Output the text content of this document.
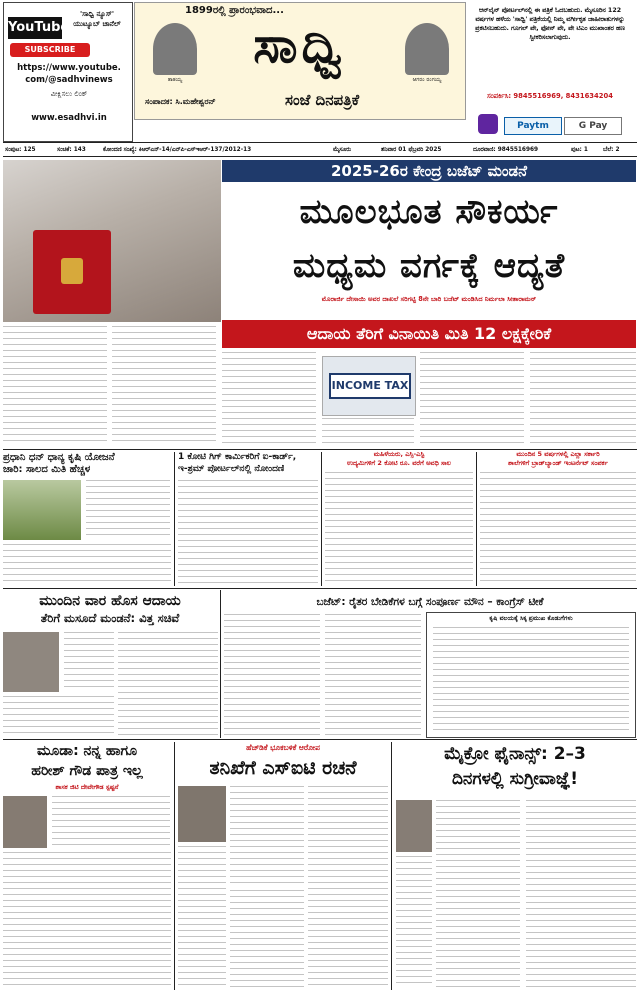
YouTube
'ಸಾಧ್ವಿ ನ್ಯೂಸ್' ಯುಟ್ಯೂಬ್ ಚಾನೆಲ್
SUBSCRIBE
https://www.youtube.
com/@sadhvinews
ವೀಕ್ಷಿಸಲು ಲಿಂಕ್
www.esadhvi.in
1899ರಲ್ಲಿ ಪ್ರಾರಂಭವಾದ...
ತಾತಯ್ಯ	ಆಗರಂ ರಂಗಯ್ಯ
ಸಾಧ್ವಿ
ಸಂಪಾದಕ: ಸಿ.ಮಹೇಶ್ವರನ್	ಸಂಜೆ ದಿನಪತ್ರಿಕೆ
ಆನ್‌ಲೈನ್ ಪೋರ್ಟಲ್‌ನಲ್ಲಿ ಈ ಪತ್ರಿಕೆ ಓದಬಹುದು. ಮೈಸೂರಿನ 122 ವರ್ಷಗಳ ಹಳೆಯ 'ಸಾಧ್ವಿ' ಪತ್ರಿಕೆಯಲ್ಲಿ ನಿಮ್ಮ ವರ್ಗೀಕೃತ ಜಾಹೀರಾತುಗಳನ್ನು ಪ್ರಕಟಿಸಬಹುದು. ಗೂಗಲ್ ಪೇ, ಫೋನ್ ಪೇ, ಪೇ ಟಿಎಂ ಮುಖಾಂತರ ಹಣ ಸ್ವೀಕರಿಸಲಾಗುವುದು.
ಸಂಪರ್ಕಿಸಿ: 9845516969, 8431634204
Paytm	G Pay
ಸಂಪುಟ: 125	ಸಂಚಿಕೆ: 143	ಕೋಂದಣಿ ಸಂಖ್ಯೆ: ಕಿಆರ್‌ಎನ್-14/ಎನ್‌ಪಿ-ಎಸ್‌ಇಆರ್-137/2012-13	ಮೈಸೂರು	ಶನಿವಾರ 01 ಫೆಬ್ರವರಿ 2025	ದೂರವಾಣಿ: 9845516969	ಪುಟ: 1	ಬೆಲೆ: 2
2025-26ರ ಕೇಂದ್ರ ಬಜೆಟ್ ಮಂಡನೆ
ಮೂಲಭೂತ ಸೌಕರ್ಯ
ಮಧ್ಯಮ ವರ್ಗಕ್ಕೆ ಆದ್ಯತೆ
ಮೊರಾರ್ಜಿ ದೇಸಾಯಿ ಅವರ ದಾಖಲೆ ಸರಿಗಟ್ಟಿ 8ನೇ ಬಾರಿ ಬಜೆಟ್ ಮಂಡಿಸಿದ ನಿರ್ಮಲಾ ಸೀತಾರಾಮನ್
ಆದಾಯ ತೆರಿಗೆ ವಿನಾಯಿತಿ ಮಿತಿ 12 ಲಕ್ಷಕ್ಕೇರಿಕೆ
INCOME TAX
ಪ್ರಧಾನಿ ಧನ್ ಧಾನ್ಯ ಕೃಷಿ ಯೋಜನೆ
ಜಾರಿ: ಸಾಲದ ಮಿತಿ ಹೆಚ್ಚಳ
1 ಕೋಟಿ ಗಿಗ್ ಕಾರ್ಮಿಕರಿಗೆ ಐ-ಕಾರ್ಡ್,
ಇ-ಶ್ರಮ್ ಪೋರ್ಟಲ್‌ನಲ್ಲಿ ನೋಂದಣಿ
ಮಹಿಳೆಯರು, ಎಸ್ಸಿ-ಎಸ್ಟಿ
ಉದ್ಯಮಿಗಳಿಗೆ 2 ಕೋಟಿ ರೂ. ವರೆಗೆ ಅವಧಿ ಸಾಲ
ಮುಂದಿನ 5 ವರ್ಷಗಳಲ್ಲಿ ಎಲ್ಲಾ ಸರ್ಕಾರಿ
ಶಾಲೆಗಳಿಗೆ ಬ್ರಾಡ್‌ಬ್ಯಾಂಡ್ ಇಂಟರ್ನೆಟ್ ಸಂಪರ್ಕ
ಮುಂದಿನ ವಾರ ಹೊಸ ಆದಾಯ
ತೆರಿಗೆ ಮಸೂದೆ ಮಂಡನೆ: ವಿತ್ತ ಸಚಿವೆ
ಬಜೆಟ್: ರೈತರ ಬೇಡಿಕೆಗಳ ಬಗ್ಗೆ ಸಂಪೂರ್ಣ ಮೌನ – ಕಾಂಗ್ರೆಸ್ ಟೀಕೆ
ಕೃಷಿ ವಲಯಕ್ಕೆ ಸಿಕ್ಕ ಪ್ರಮುಖ ಕೊಡುಗೆಗಳು
ಮೂಡಾ: ನನ್ನ ಹಾಗೂ
ಹರೀಶ್ ಗೌಡ ಪಾತ್ರ ಇಲ್ಲ
ಶಾಸಕ ಜಿಟಿ ದೇವೇಗೌಡ ಸ್ಪಷ್ಟನೆ
ಹೆಚ್‌ಡಿಕೆ ಭೂಕಬಳಿಕೆ ಆರೋಪ
ತನಿಖೆಗೆ ಎಸ್‌ಐಟಿ ರಚನೆ
ಮೈಕ್ರೋ ಫೈನಾನ್ಸ್: 2–3
ದಿನಗಳಲ್ಲಿ ಸುಗ್ರೀವಾಜ್ಞೆ!
